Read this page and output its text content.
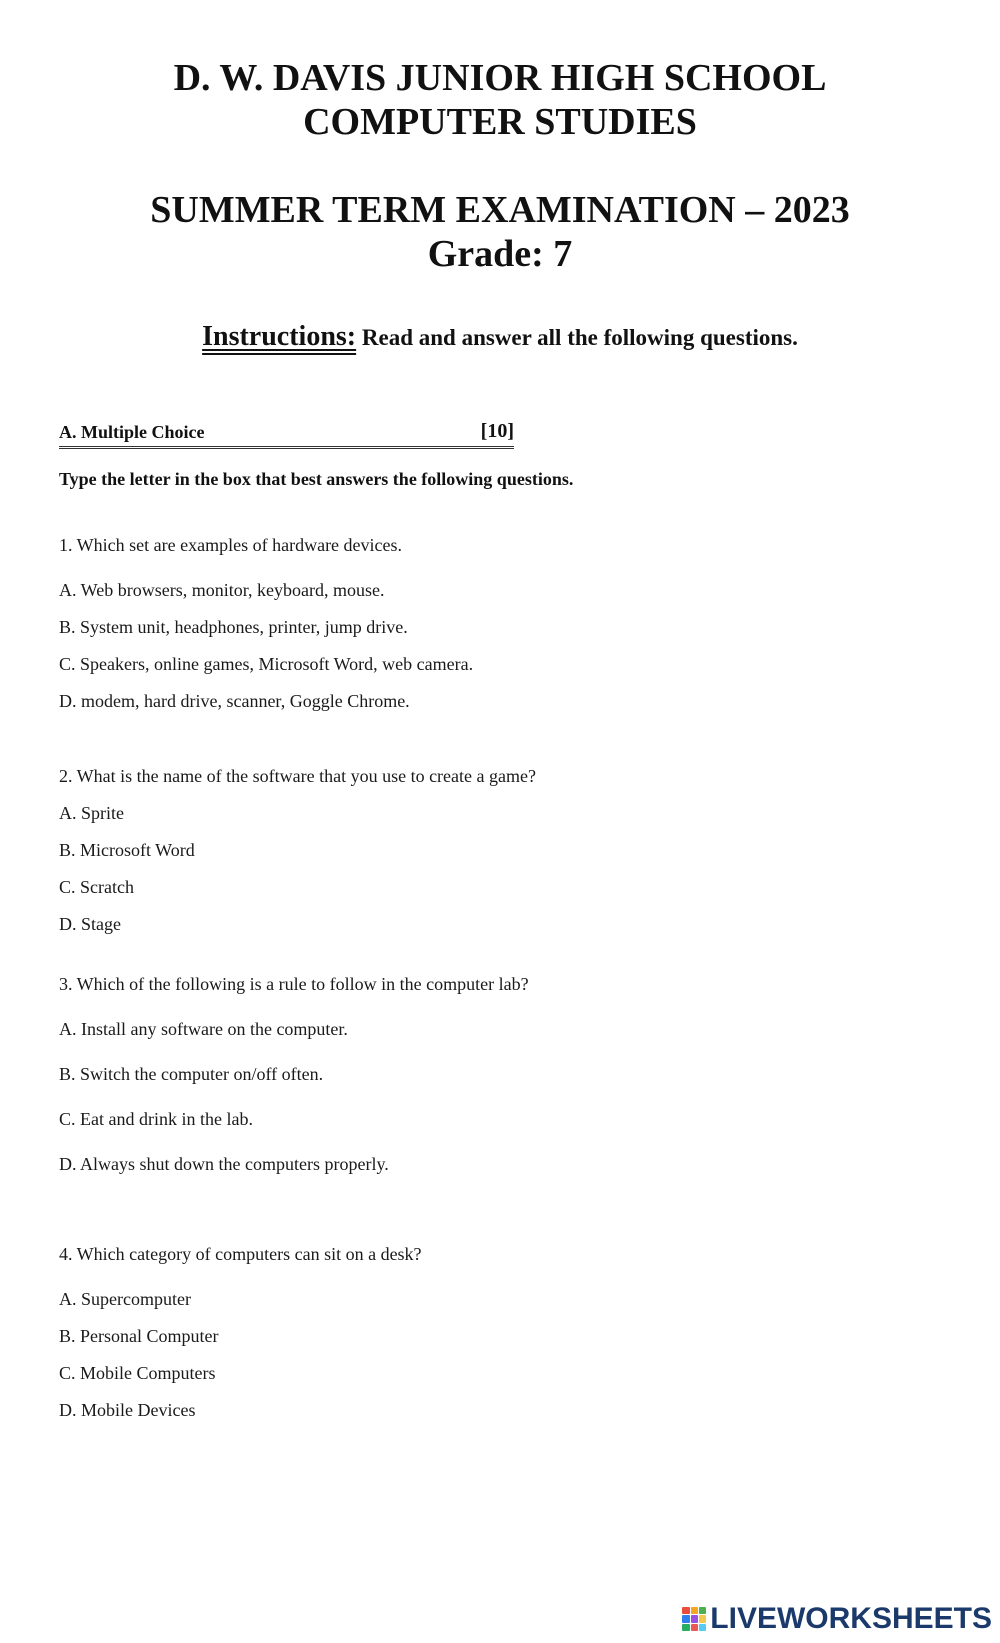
D. W. DAVIS JUNIOR HIGH SCHOOL

COMPUTER STUDIES

SUMMER TERM EXAMINATION – 2023

Grade: 7

Instructions: Read and answer all the following questions.
A. Multiple Choice	[10]
Type the letter in the box that best answers the following questions.
1. Which set are examples of hardware devices.
A. Web browsers, monitor, keyboard, mouse.
B. System unit, headphones, printer, jump drive.
C. Speakers, online games, Microsoft Word, web camera.
D. modem, hard drive, scanner, Goggle Chrome.
2. What is the name of the software that you use to create a game?
A. Sprite
B. Microsoft Word
C. Scratch
D. Stage
3. Which of the following is a rule to follow in the computer lab?
A. Install any software on the computer.
B. Switch the computer on/off often.
C. Eat and drink in the lab.
D. Always shut down the computers properly.
4. Which category of computers can sit on a desk?
A. Supercomputer
B. Personal Computer
C. Mobile Computers
D. Mobile Devices
LIVEWORKSHEETS
